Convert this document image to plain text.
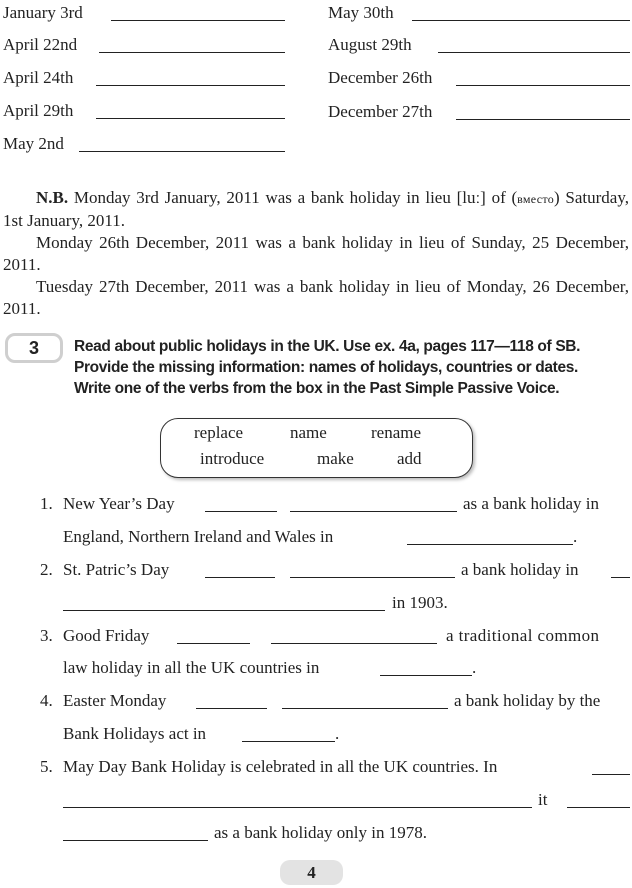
January 3rd
April 22nd
April 24th
April 29th
May 2nd
May 30th
August 29th
December 26th
December 27th

N.B. Monday 3rd January, 2011 was a bank holiday in lieu [luː] of (вместо) Saturday, 1st January, 2011.

Monday 26th December, 2011 was a bank holiday in lieu of Sunday, 25 December, 2011.

Tuesday 27th December, 2011 was a bank holiday in lieu of Monday, 26 December, 2011.

3	Read about public holidays in the UK. Use ex. 4a, pages 117—118 of SB.
Provide the missing information: names of holidays, countries or dates.
Write one of the verbs from the box in the Past Simple Passive Voice.
replace	name	rename
introduce	make	add
1. New Year’s Day	as a bank holiday in
England, Northern Ireland and Wales in	.
2. St. Patric’s Day	a bank holiday in
in 1903.
3. Good Friday	a traditional common
law holiday in all the UK countries in	.
4. Easter Monday	a bank holiday by the
Bank Holidays act in	.
5. May Day Bank Holiday is celebrated in all the UK countries. In
it
as a bank holiday only in 1978.
4
